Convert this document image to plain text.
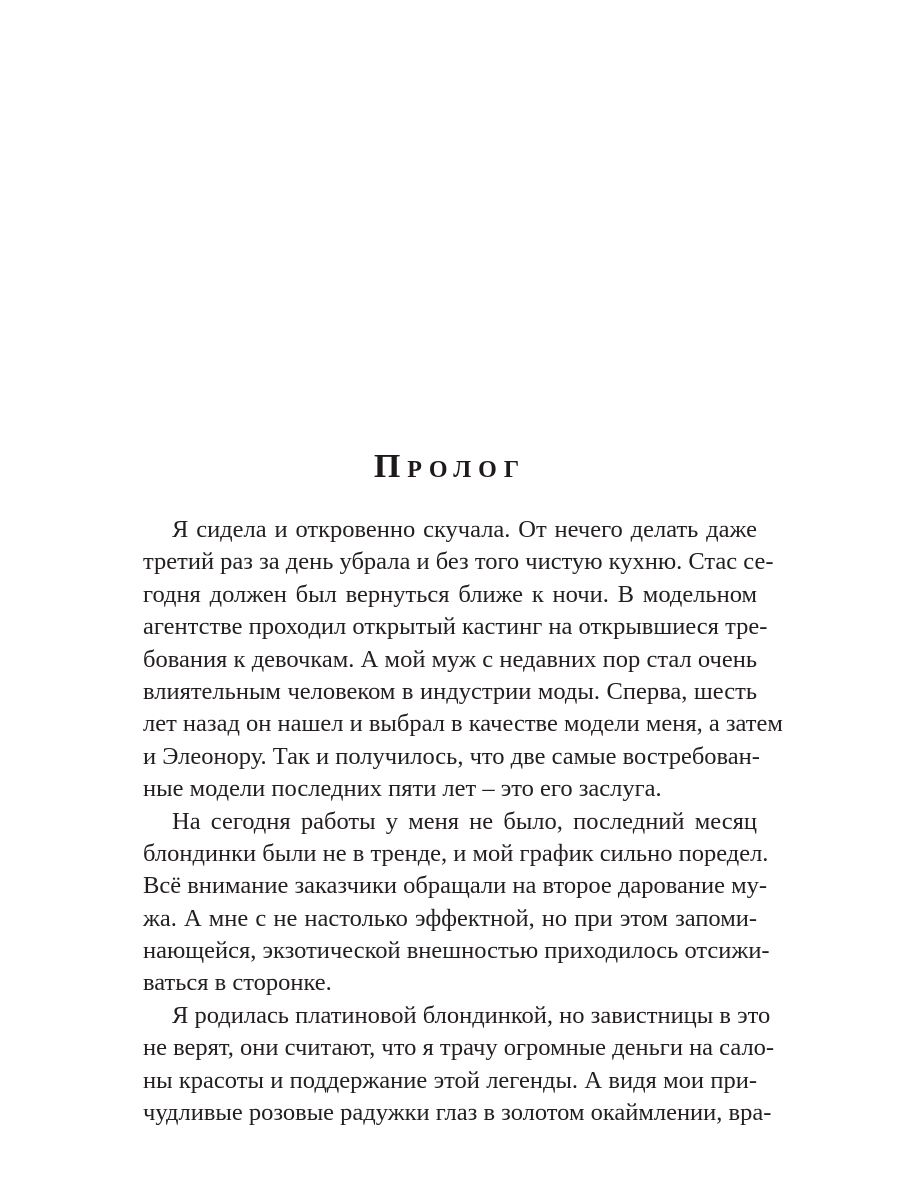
Пролог
Я сидела и откровенно скучала. От нечего делать даже
третий раз за день убрала и без того чистую кухню. Стас се-
годня должен был вернуться ближе к ночи. В модельном
агентстве проходил открытый кастинг на открывшиеся тре-
бования к девочкам. А мой муж с недавних пор стал очень
влиятельным человеком в индустрии моды. Сперва, шесть
лет назад он нашел и выбрал в качестве модели меня, а затем
и Элеонору. Так и получилось, что две самые востребован-
ные модели последних пяти лет – это его заслуга.
На сегодня работы у меня не было, последний месяц
блондинки были не в тренде, и мой график сильно поредел.
Всё внимание заказчики обращали на второе дарование му-
жа. А мне с не настолько эффектной, но при этом запоми-
нающейся, экзотической внешностью приходилось отсижи-
ваться в сторонке.
Я родилась платиновой блондинкой, но завистницы в это
не верят, они считают, что я трачу огромные деньги на сало-
ны красоты и поддержание этой легенды. А видя мои при-
чудливые розовые радужки глаз в золотом окаймлении, вра-
